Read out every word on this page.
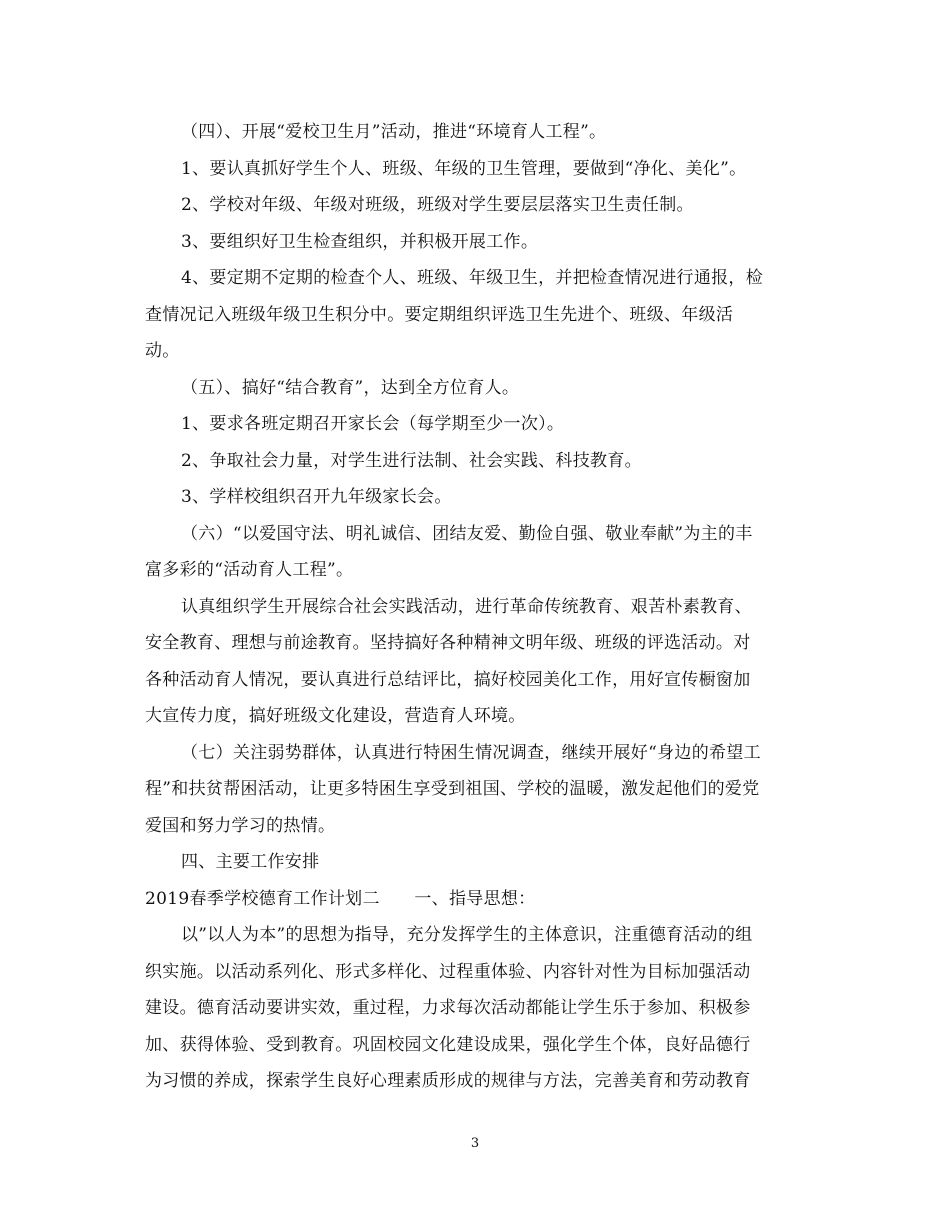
（四）、开展“爱校卫生月”活动，推进“环境育人工程”。
1、要认真抓好学生个人、班级、年级的卫生管理，要做到“净化、美化”。
2、学校对年级、年级对班级，班级对学生要层层落实卫生责任制。
3、要组织好卫生检查组织，并积极开展工作。
4、要定期不定期的检查个人、班级、年级卫生，并把检查情况进行通报，检
查情况记入班级年级卫生积分中。要定期组织评选卫生先进个、班级、年级活
动。
（五）、搞好“结合教育”，达到全方位育人。
1、要求各班定期召开家长会（每学期至少一次）。
2、争取社会力量，对学生进行法制、社会实践、科技教育。
3、学样校组织召开九年级家长会。
（六）“以爱国守法、明礼诚信、团结友爱、勤俭自强、敬业奉献”为主的丰
富多彩的“活动育人工程”。
认真组织学生开展综合社会实践活动，进行革命传统教育、艰苦朴素教育、
安全教育、理想与前途教育。坚持搞好各种精神文明年级、班级的评选活动。对
各种活动育人情况，要认真进行总结评比，搞好校园美化工作，用好宣传橱窗加
大宣传力度，搞好班级文化建设，营造育人环境。
（七）关注弱势群体，认真进行特困生情况调查，继续开展好“身边的希望工
程”和扶贫帮困活动，让更多特困生享受到祖国、学校的温暖，激发起他们的爱党
爱国和努力学习的热情。
四、主要工作安排
2019春季学校德育工作计划二　　一、指导思想：
以”以人为本”的思想为指导，充分发挥学生的主体意识，注重德育活动的组
织实施。以活动系列化、形式多样化、过程重体验、内容针对性为目标加强活动
建设。德育活动要讲实效，重过程，力求每次活动都能让学生乐于参加、积极参
加、获得体验、受到教育。巩固校园文化建设成果，强化学生个体，良好品德行
为习惯的养成，探索学生良好心理素质形成的规律与方法，完善美育和劳动教育
3
